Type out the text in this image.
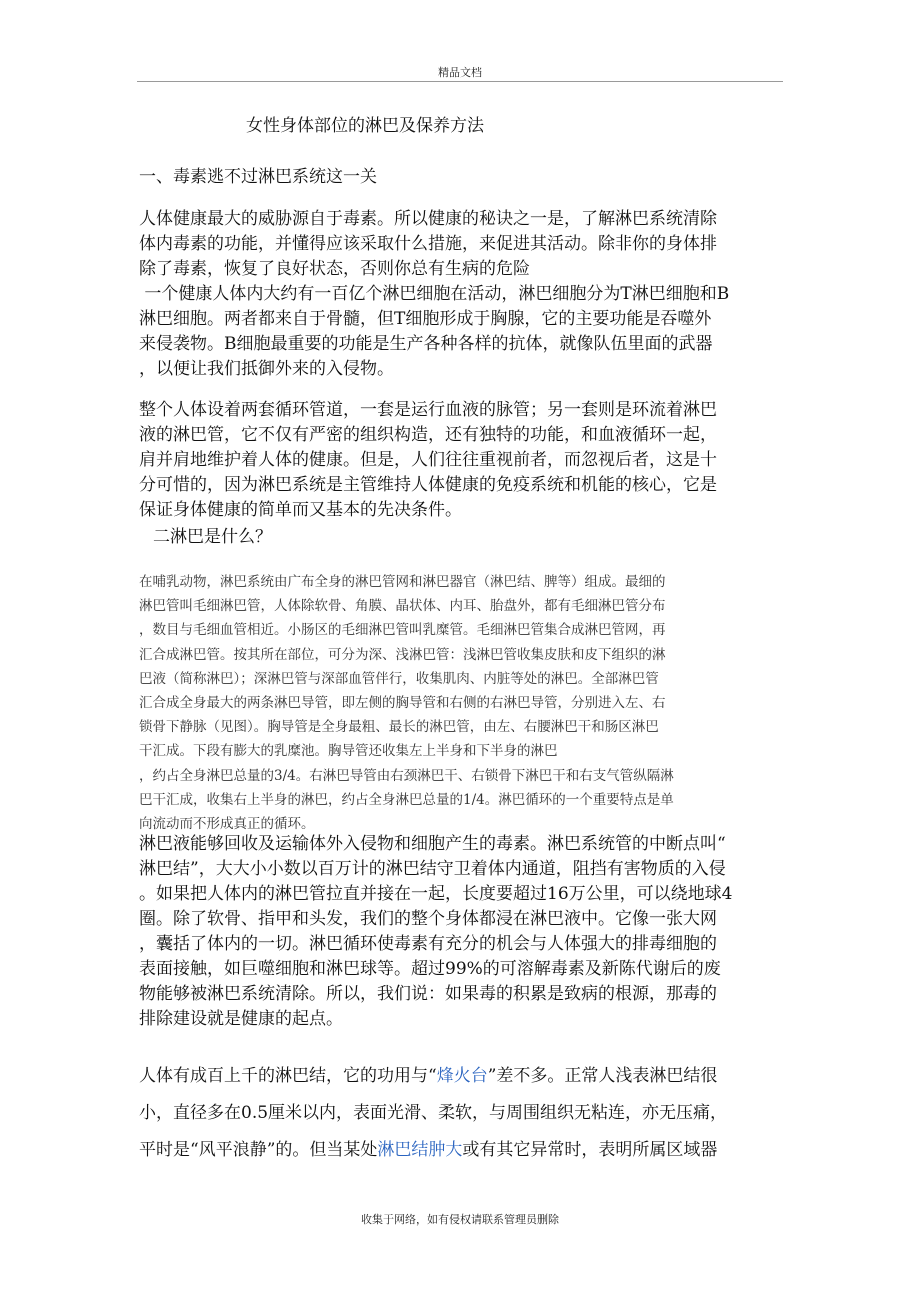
精品文档
女性身体部位的淋巴及保养方法
一、毒素逃不过淋巴系统这一关
人体健康最大的威胁源自于毒素。所以健康的秘诀之一是，了解淋巴系统清除
体内毒素的功能，并懂得应该采取什么措施，来促进其活动。除非你的身体排
除了毒素，恢复了良好状态，否则你总有生病的危险
一个健康人体内大约有一百亿个淋巴细胞在活动，淋巴细胞分为T淋巴细胞和B
淋巴细胞。两者都来自于骨髓，但T细胞形成于胸腺，它的主要功能是吞噬外
来侵袭物。B细胞最重要的功能是生产各种各样的抗体，就像队伍里面的武器
，以便让我们抵御外来的入侵物。
整个人体设着两套循环管道，一套是运行血液的脉管；另一套则是环流着淋巴
液的淋巴管，它不仅有严密的组织构造，还有独特的功能，和血液循环一起，
肩并肩地维护着人体的健康。但是，人们往往重视前者，而忽视后者，这是十
分可惜的，因为淋巴系统是主管维持人体健康的免疫系统和机能的核心，它是
保证身体健康的简单而又基本的先决条件。
二淋巴是什么？
在哺乳动物，淋巴系统由广布全身的淋巴管网和淋巴器官（淋巴结、脾等）组成。最细的
淋巴管叫毛细淋巴管，人体除软骨、角膜、晶状体、内耳、胎盘外，都有毛细淋巴管分布
，数目与毛细血管相近。小肠区的毛细淋巴管叫乳糜管。毛细淋巴管集合成淋巴管网，再
汇合成淋巴管。按其所在部位，可分为深、浅淋巴管：浅淋巴管收集皮肤和皮下组织的淋
巴液（简称淋巴）；深淋巴管与深部血管伴行，收集肌肉、内脏等处的淋巴。全部淋巴管
汇合成全身最大的两条淋巴导管，即左侧的胸导管和右侧的右淋巴导管，分别进入左、右
锁骨下静脉（见图）。胸导管是全身最粗、最长的淋巴管，由左、右腰淋巴干和肠区淋巴
干汇成。下段有膨大的乳糜池。胸导管还收集左上半身和下半身的淋巴
，约占全身淋巴总量的3/4。右淋巴导管由右颈淋巴干、右锁骨下淋巴干和右支气管纵隔淋
巴干汇成，收集右上半身的淋巴，约占全身淋巴总量的1/4。淋巴循环的一个重要特点是单
向流动而不形成真正的循环。
淋巴液能够回收及运输体外入侵物和细胞产生的毒素。淋巴系统管的中断点叫“
淋巴结”，大大小小数以百万计的淋巴结守卫着体内通道，阻挡有害物质的入侵
。如果把人体内的淋巴管拉直并接在一起，长度要超过16万公里，可以绕地球4
圈。除了软骨、指甲和头发，我们的整个身体都浸在淋巴液中。它像一张大网
，囊括了体内的一切。淋巴循环使毒素有充分的机会与人体强大的排毒细胞的
表面接触，如巨噬细胞和淋巴球等。超过99%的可溶解毒素及新陈代谢后的废
物能够被淋巴系统清除。所以，我们说：如果毒的积累是致病的根源，那毒的
排除建设就是健康的起点。
人体有成百上千的淋巴结，它的功用与“烽火台”差不多。正常人浅表淋巴结很
小，直径多在0.5厘米以内，表面光滑、柔软，与周围组织无粘连，亦无压痛，
平时是“风平浪静”的。但当某处淋巴结肿大或有其它异常时，表明所属区域器
收集于网络，如有侵权请联系管理员删除
